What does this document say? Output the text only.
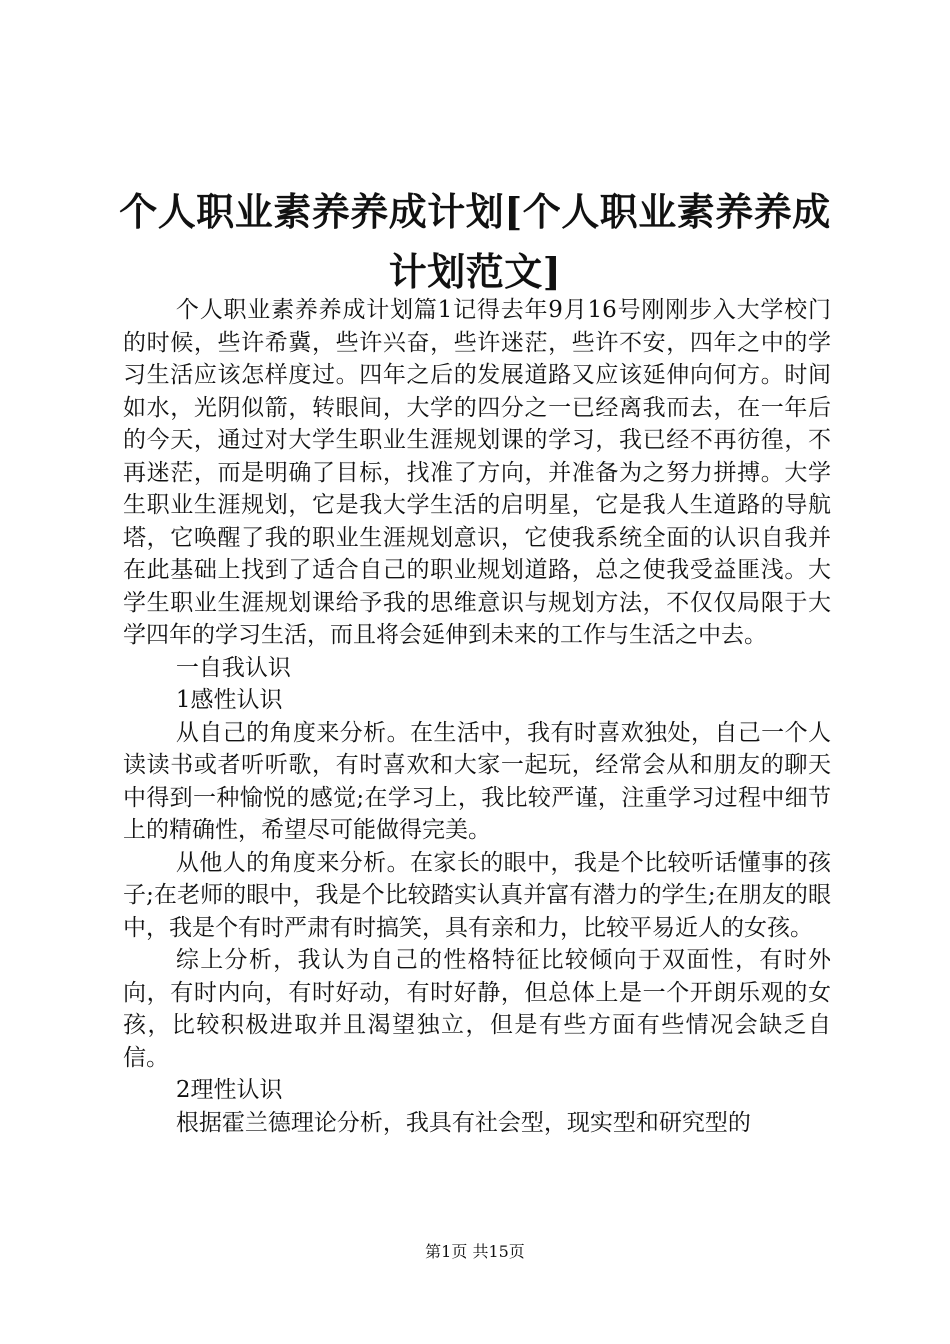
个人职业素养养成计划[个人职业素养养成计划范文]

个人职业素养养成计划篇1记得去年9月16号刚刚步入大学校门的时候，些许希冀，些许兴奋，些许迷茫，些许不安，四年之中的学习生活应该怎样度过。四年之后的发展道路又应该延伸向何方。时间如水，光阴似箭，转眼间，大学的四分之一已经离我而去，在一年后的今天，通过对大学生职业生涯规划课的学习，我已经不再彷徨，不再迷茫，而是明确了目标，找准了方向，并准备为之努力拼搏。大学生职业生涯规划，它是我大学生活的启明星，它是我人生道路的导航塔，它唤醒了我的职业生涯规划意识，它使我系统全面的认识自我并在此基础上找到了适合自己的职业规划道路，总之使我受益匪浅。大学生职业生涯规划课给予我的思维意识与规划方法，不仅仅局限于大学四年的学习生活，而且将会延伸到未来的工作与生活之中去。

一自我认识

1感性认识

从自己的角度来分析。在生活中，我有时喜欢独处，自己一个人读读书或者听听歌，有时喜欢和大家一起玩，经常会从和朋友的聊天中得到一种愉悦的感觉;在学习上，我比较严谨，注重学习过程中细节上的精确性，希望尽可能做得完美。

从他人的角度来分析。在家长的眼中，我是个比较听话懂事的孩子;在老师的眼中，我是个比较踏实认真并富有潜力的学生;在朋友的眼中，我是个有时严肃有时搞笑，具有亲和力，比较平易近人的女孩。

综上分析，我认为自己的性格特征比较倾向于双面性，有时外向，有时内向，有时好动，有时好静，但总体上是一个开朗乐观的女孩，比较积极进取并且渴望独立，但是有些方面有些情况会缺乏自信。

2理性认识

根据霍兰德理论分析，我具有社会型，现实型和研究型的

第1页 共15页
